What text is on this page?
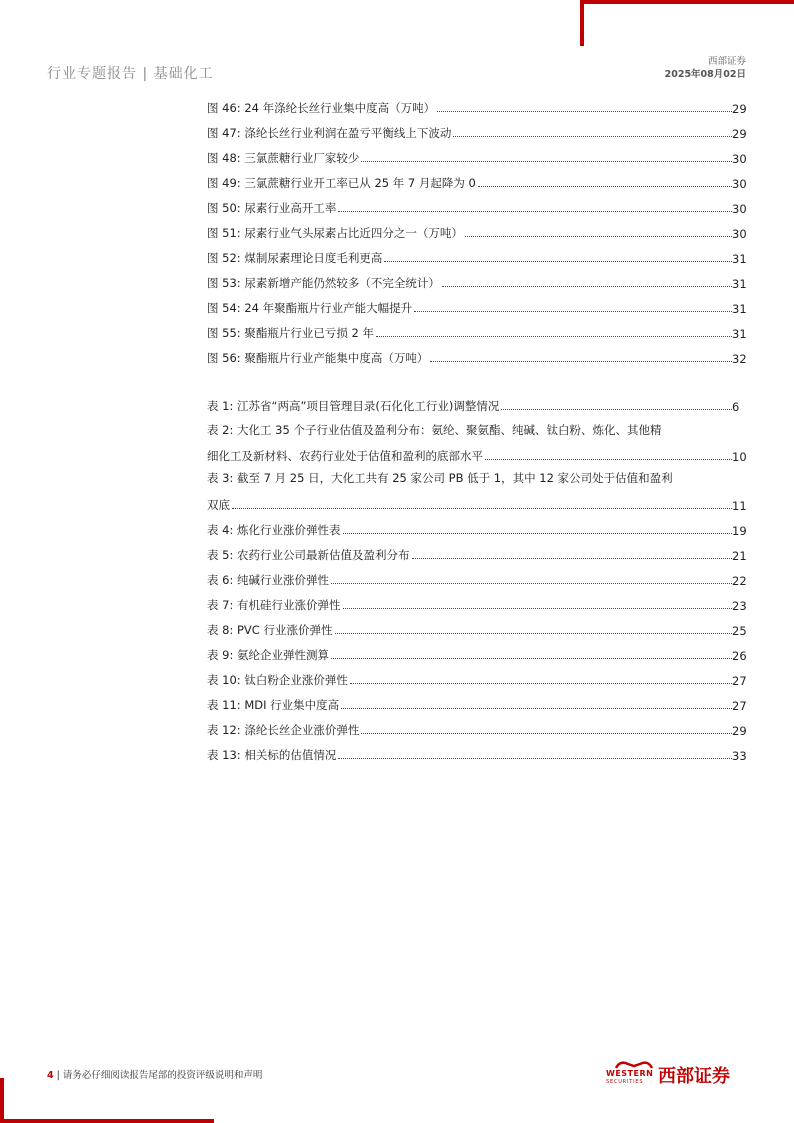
行业专题报告 | 基础化工
西部证券
2025年08月02日
图 46: 24 年涤纶长丝行业集中度高（万吨）	29
图 47: 涤纶长丝行业利润在盈亏平衡线上下波动	29
图 48: 三氯蔗糖行业厂家较少	30
图 49: 三氯蔗糖行业开工率已从 25 年 7 月起降为 0	30
图 50: 尿素行业高开工率	30
图 51: 尿素行业气头尿素占比近四分之一（万吨）	30
图 52: 煤制尿素理论日度毛利更高	31
图 53: 尿素新增产能仍然较多（不完全统计）	31
图 54: 24 年聚酯瓶片行业产能大幅提升	31
图 55: 聚酯瓶片行业已亏损 2 年	31
图 56: 聚酯瓶片行业产能集中度高（万吨）	32
表 1: 江苏省“两高”项目管理目录(石化化工行业)调整情况	6
表 2: 大化工 35 个子行业估值及盈利分布：氨纶、聚氨酯、纯碱、钛白粉、炼化、其他精
细化工及新材料、农药行业处于估值和盈利的底部水平	10
表 3: 截至 7 月 25 日，大化工共有 25 家公司 PB 低于 1，其中 12 家公司处于估值和盈利
双底	11
表 4: 炼化行业涨价弹性表	19
表 5: 农药行业公司最新估值及盈利分布	21
表 6: 纯碱行业涨价弹性	22
表 7: 有机硅行业涨价弹性	23
表 8: PVC 行业涨价弹性	25
表 9: 氨纶企业弹性测算	26
表 10: 钛白粉企业涨价弹性	27
表 11: MDI 行业集中度高	27
表 12: 涤纶长丝企业涨价弹性	29
表 13: 相关标的估值情况	33
4 | 请务必仔细阅读报告尾部的投资评级说明和声明	WESTERN
SECURITIES 西部证券
